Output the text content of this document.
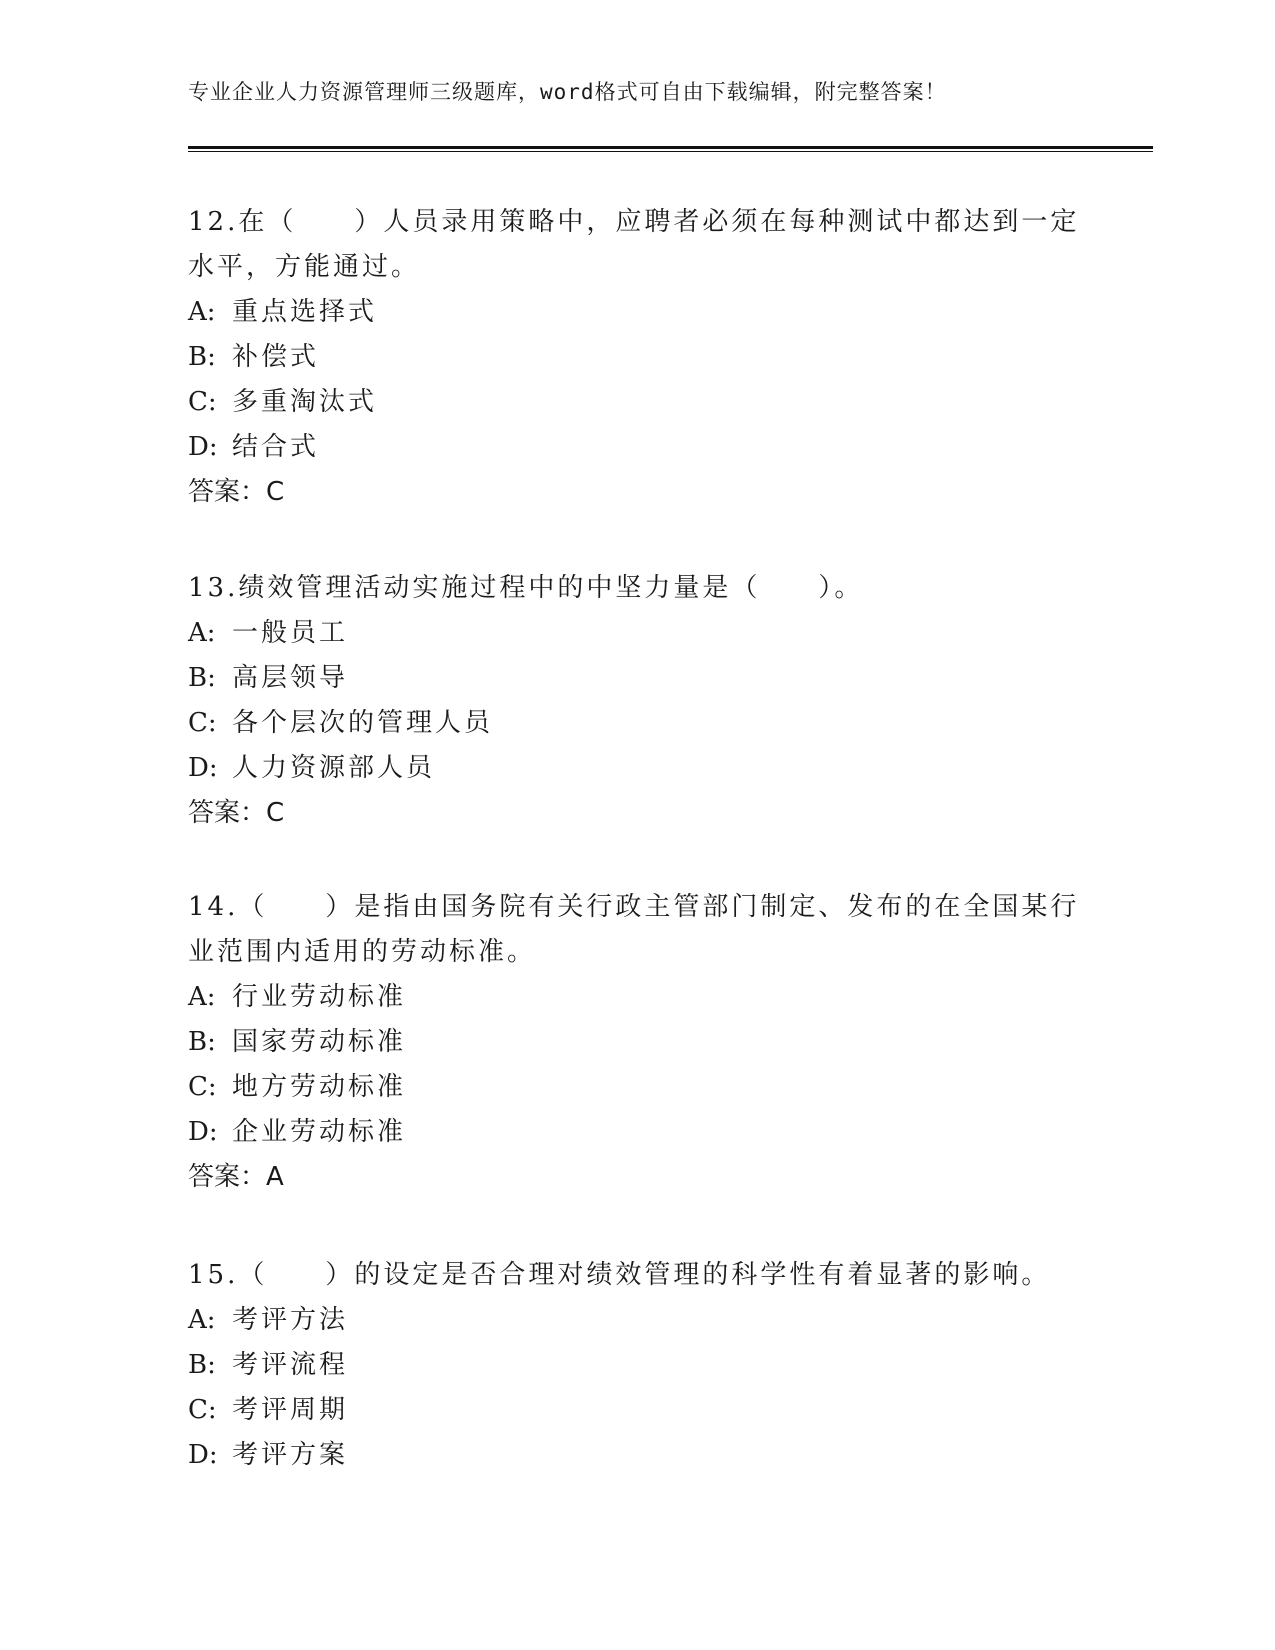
专业企业人力资源管理师三级题库，word格式可自由下载编辑，附完整答案！

12.在（　　）人员录用策略中，应聘者必须在每种测试中都达到一定水平，方能通过。

A: 重点选择式

B: 补偿式

C: 多重淘汰式

D: 结合式

答案：C

13.绩效管理活动实施过程中的中坚力量是（　　）。

A: 一般员工

B: 高层领导

C: 各个层次的管理人员

D: 人力资源部人员

答案：C

14.（　　）是指由国务院有关行政主管部门制定、发布的在全国某行业范围内适用的劳动标准。

A: 行业劳动标准

B: 国家劳动标准

C: 地方劳动标准

D: 企业劳动标准

答案：A

15.（　　）的设定是否合理对绩效管理的科学性有着显著的影响。

A: 考评方法

B: 考评流程

C: 考评周期

D: 考评方案
